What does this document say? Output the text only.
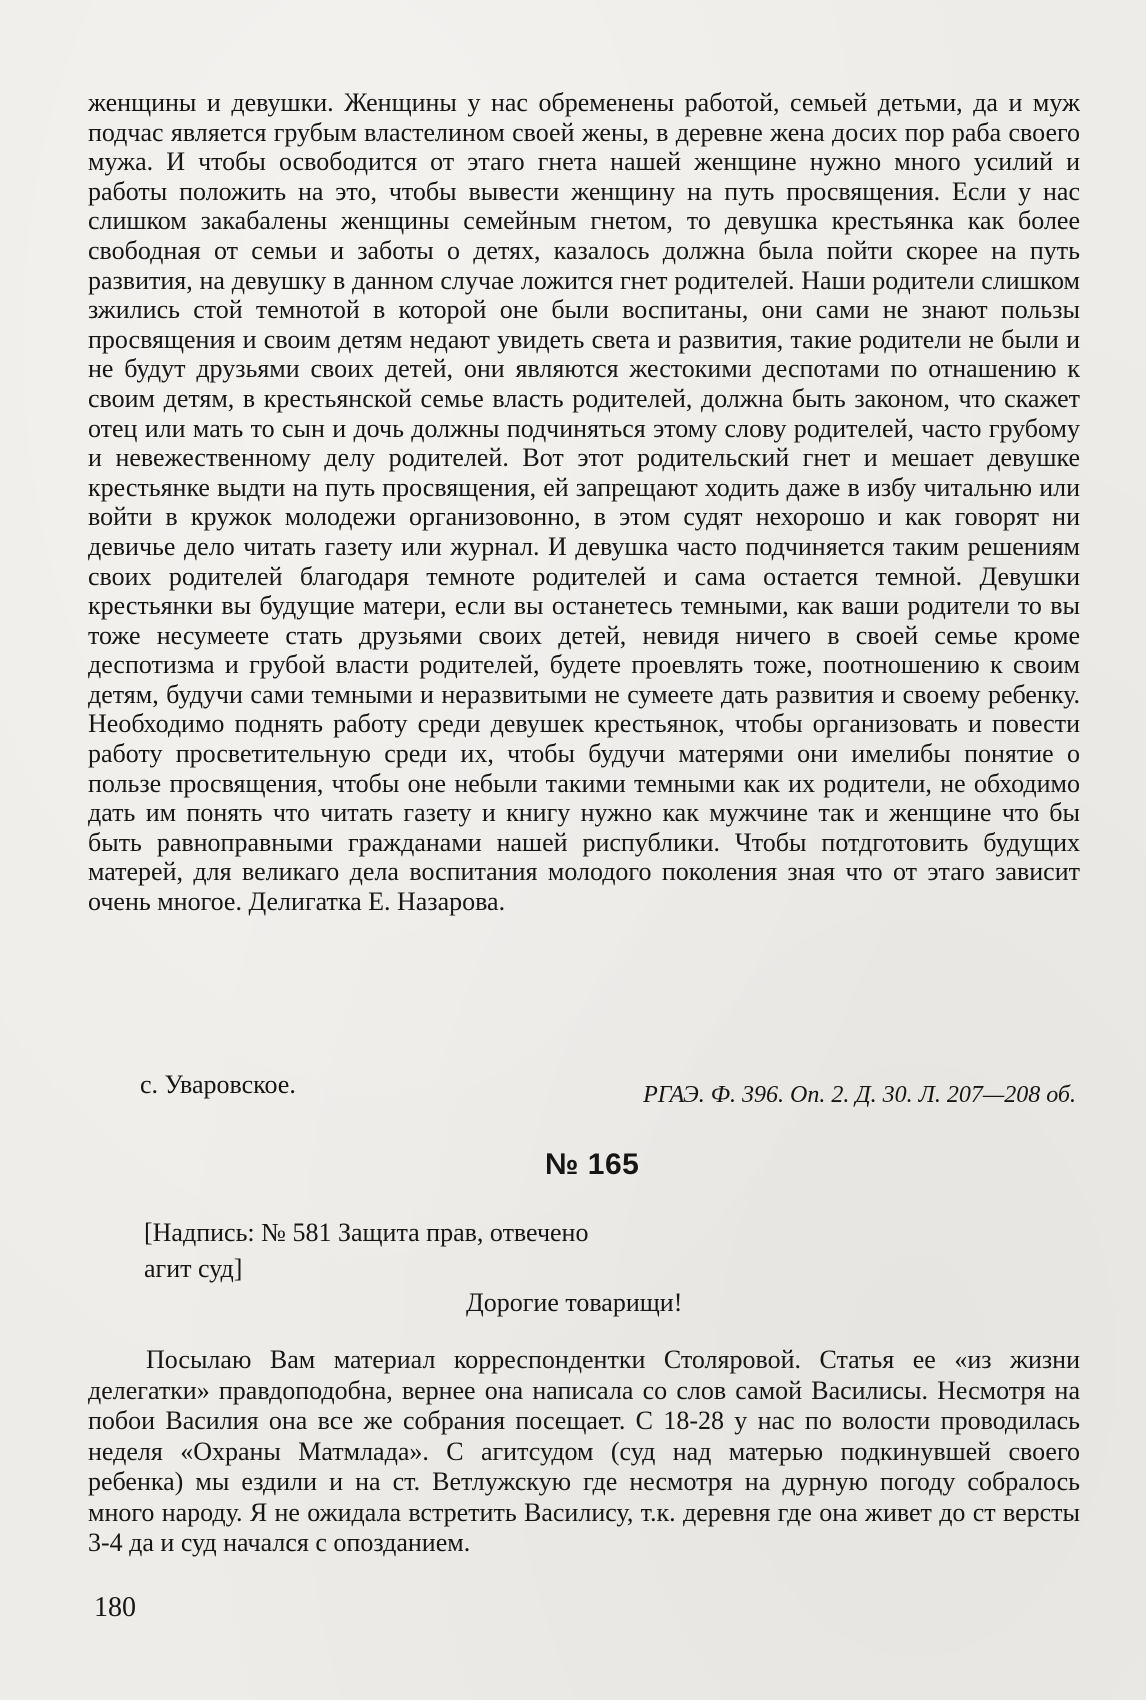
женщины и девушки. Женщины у нас обременены работой, семьей детьми, да и муж подчас является грубым властелином своей жены, в деревне жена досих пор раба своего мужа. И чтобы освободится от этаго гнета нашей женщине нужно много усилий и работы положить на это, чтобы вывести женщину на путь просвящения. Если у нас слишком закабалены женщины семейным гнетом, то девушка крестьянка как более свободная от семьи и заботы о детях, казалось должна была пойти скорее на путь развития, на девушку в данном случае ложится гнет родителей. Наши родители слишком зжились стой темнотой в которой оне были воспитаны, они сами не знают пользы просвящения и своим детям недают увидеть света и развития, такие родители не были и не будут друзьями своих детей, они являются жестокими деспотами по отнашению к своим детям, в крестьянской семье власть родителей, должна быть законом, что скажет отец или мать то сын и дочь должны подчиняться этому слову родителей, часто грубому и невежественному делу родителей. Вот этот родительский гнет и мешает девушке крестьянке выдти на путь просвящения, ей запрещают ходить даже в избу читальню или войти в кружок молодежи организовонно, в этом судят нехорошо и как говорят ни девичье дело читать газету или журнал. И девушка часто подчиняется таким решениям своих родителей благодаря темноте родителей и сама остается темной. Девушки крестьянки вы будущие матери, если вы останетесь темными, как ваши родители то вы тоже несумеете стать друзьями своих детей, невидя ничего в своей семье кроме деспотизма и грубой власти родителей, будете проевлять тоже, поотношению к своим детям, будучи сами темными и неразвитыми не сумеете дать развития и своему ребенку. Необходимо поднять работу среди девушек крестьянок, чтобы организовать и повести работу просветительную среди их, чтобы будучи матерями они имелибы понятие о пользе просвящения, чтобы оне небыли такими темными как их родители, не обходимо дать им понять что читать газету и книгу нужно как мужчине так и женщине что бы быть равноправными гражданами нашей риспублики. Чтобы потдготовить будущих матерей, для великаго дела воспитания молодого поколения зная что от этаго зависит очень многое. Делигатка Е. Назарова.

с. Уваровское.	РГАЭ. Ф. 396. Оп. 2. Д. 30. Л. 207—208 об.
№ 165
[Надпись: № 581 Защита прав, отвечено
агит суд]
Дорогие товарищи!
Посылаю Вам материал корреспондентки Столяровой. Статья ее «из жизни делегатки» правдоподобна, вернее она написала со слов самой Василисы. Несмотря на побои Василия она все же собрания посещает. С 18-28 у нас по волости проводилась неделя «Охраны Матмлада». С агитсудом (суд над матерью подкинувшей своего ребенка) мы ездили и на ст. Ветлужскую где несмотря на дурную погоду собралось много народу. Я не ожидала встретить Василису, т.к. деревня где она живет до ст версты 3-4 да и суд начался с опозданием.
180
